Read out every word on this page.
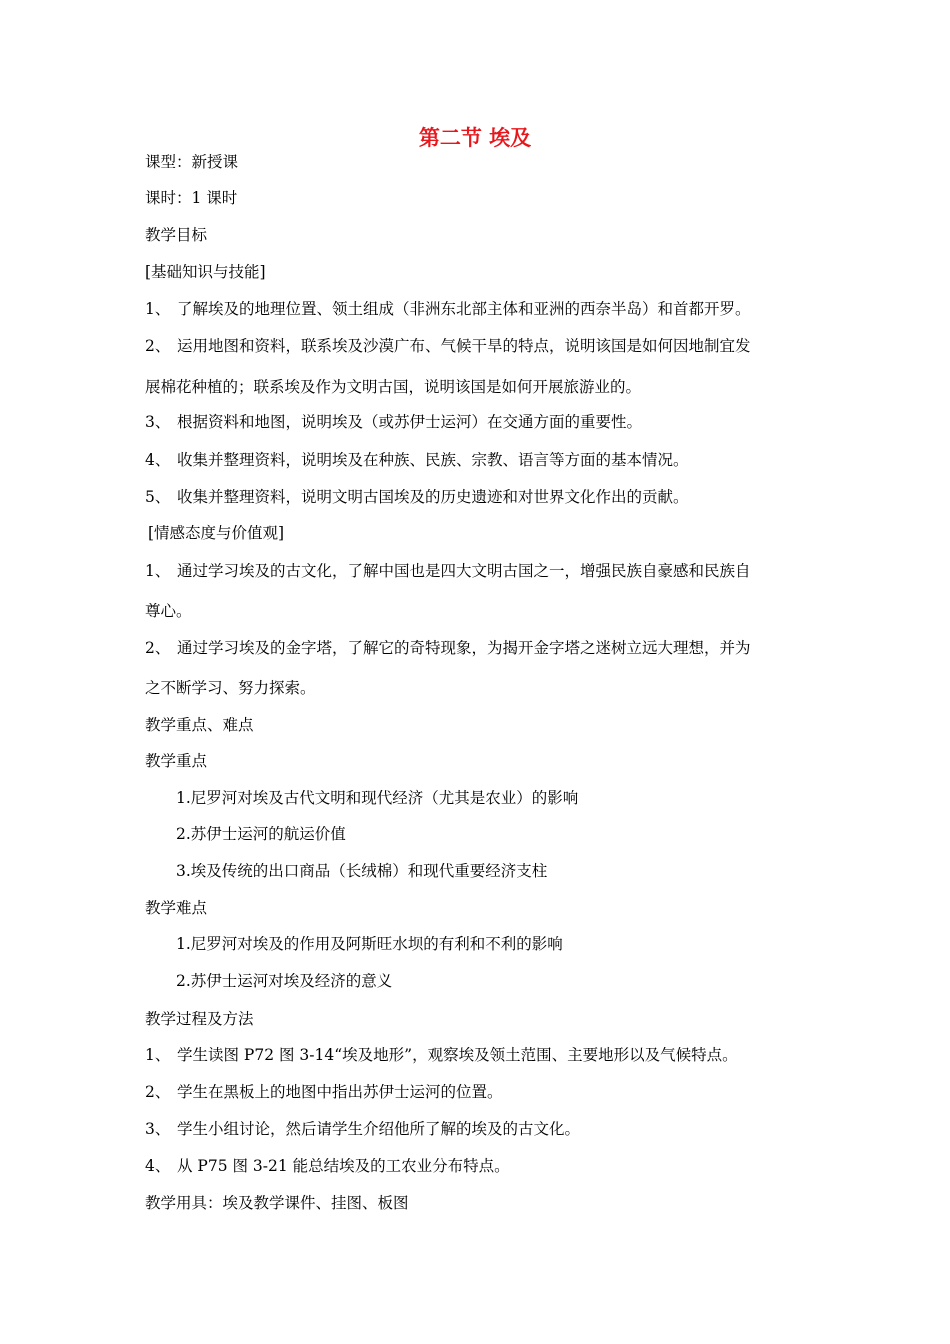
第二节 埃及

课型：新授课

课时：1 课时

教学目标

[基础知识与技能]

1、 了解埃及的地理位置、领土组成（非洲东北部主体和亚洲的西奈半岛）和首都开罗。

2、 运用地图和资料，联系埃及沙漠广布、气候干旱的特点，说明该国是如何因地制宜发

展棉花种植的；联系埃及作为文明古国，说明该国是如何开展旅游业的。

3、 根据资料和地图，说明埃及（或苏伊士运河）在交通方面的重要性。

4、 收集并整理资料，说明埃及在种族、民族、宗教、语言等方面的基本情况。

5、 收集并整理资料，说明文明古国埃及的历史遗迹和对世界文化作出的贡献。

[情感态度与价值观]

1、 通过学习埃及的古文化，了解中国也是四大文明古国之一，增强民族自豪感和民族自

尊心。

2、 通过学习埃及的金字塔，了解它的奇特现象，为揭开金字塔之迷树立远大理想，并为

之不断学习、努力探索。

教学重点、难点

教学重点

1.尼罗河对埃及古代文明和现代经济（尤其是农业）的影响

2.苏伊士运河的航运价值

3.埃及传统的出口商品（长绒棉）和现代重要经济支柱

教学难点

1.尼罗河对埃及的作用及阿斯旺水坝的有利和不利的影响

2.苏伊士运河对埃及经济的意义

教学过程及方法

1、 学生读图 P72 图 3-14“埃及地形”，观察埃及领土范围、主要地形以及气候特点。

2、 学生在黑板上的地图中指出苏伊士运河的位置。

3、 学生小组讨论，然后请学生介绍他所了解的埃及的古文化。

4、 从 P75 图 3-21 能总结埃及的工农业分布特点。

教学用具：埃及教学课件、挂图、板图
